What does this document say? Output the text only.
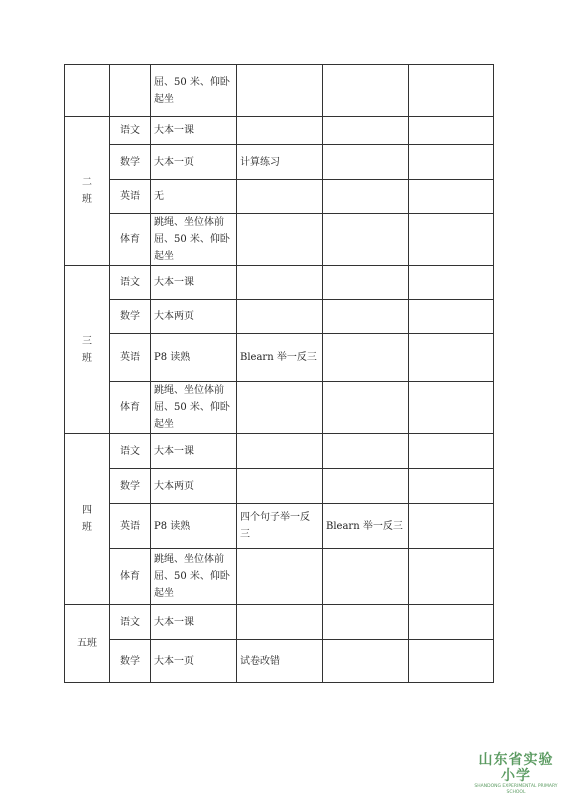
		屈、50 米、仰卧起坐			
二
班	语文	大本一课			
	数学	大本一页	计算练习		
	英语	无			
	体育	跳绳、坐位体前屈、50 米、仰卧起坐			
三
班	语文	大本一课			
	数学	大本两页			
	英语	P8 读熟	Blearn 举一反三		
	体育	跳绳、坐位体前屈、50 米、仰卧起坐			
四
班	语文	大本一课			
	数学	大本两页			
	英语	P8 读熟	四个句子举一反三	Blearn 举一反三	
	体育	跳绳、坐位体前屈、50 米、仰卧起坐			
五班	语文	大本一课			
	数学	大本一页	试卷改错		
山东省实验小学
SHANDONG EXPERIMENTAL PRIMARY SCHOOL
